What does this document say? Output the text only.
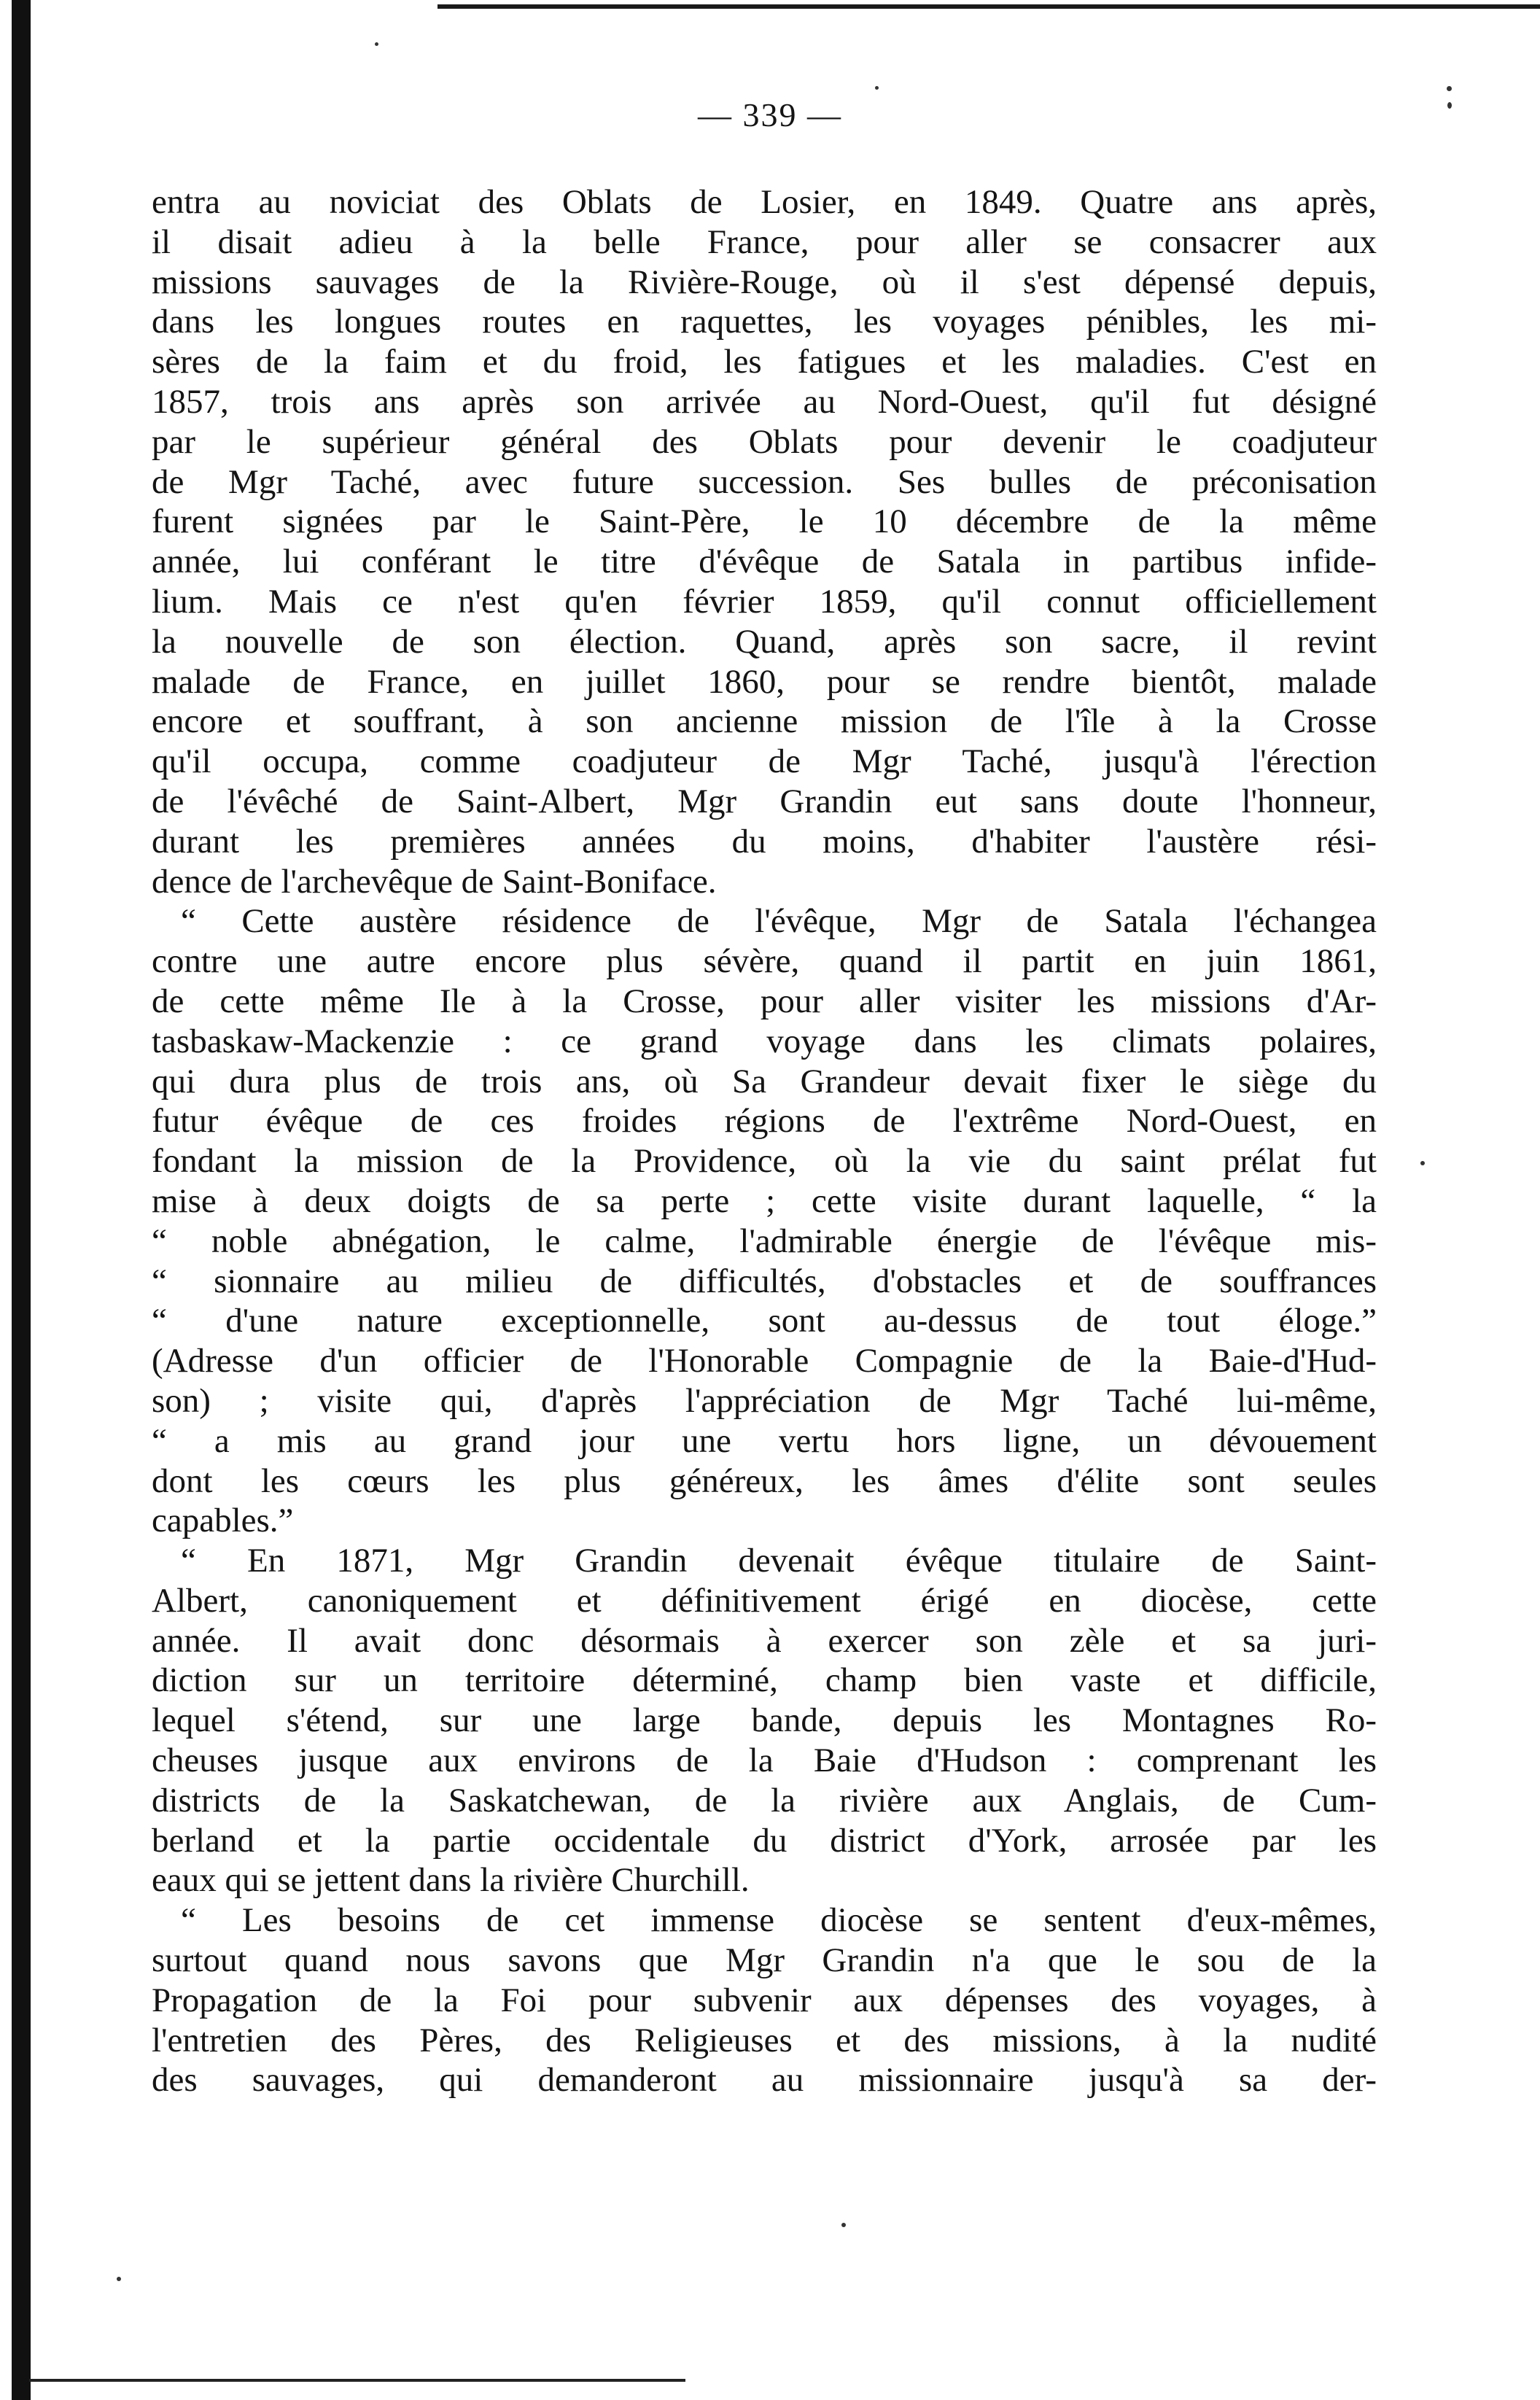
— 339 —
entra au noviciat des Oblats de Losier, en 1849. Quatre ans après,
il disait adieu à la belle France, pour aller se consacrer aux
missions sauvages de la Rivière-Rouge, où il s'est dépensé depuis,
dans les longues routes en raquettes, les voyages pénibles, les mi-
sères de la faim et du froid, les fatigues et les maladies. C'est en
1857, trois ans après son arrivée au Nord-Ouest, qu'il fut désigné
par le supérieur général des Oblats pour devenir le coadjuteur
de Mgr Taché, avec future succession. Ses bulles de préconisation
furent signées par le Saint-Père, le 10 décembre de la même
année, lui conférant le titre d'évêque de Satala in partibus infide-
lium. Mais ce n'est qu'en février 1859, qu'il connut officiellement
la nouvelle de son élection. Quand, après son sacre, il revint
malade de France, en juillet 1860, pour se rendre bientôt, malade
encore et souffrant, à son ancienne mission de l'île à la Crosse
qu'il occupa, comme coadjuteur de Mgr Taché, jusqu'à l'érection
de l'évêché de Saint-Albert, Mgr Grandin eut sans doute l'honneur,
durant les premières années du moins, d'habiter l'austère rési-
dence de l'archevêque de Saint-Boniface.
“ Cette austère résidence de l'évêque, Mgr de Satala l'échangea
contre une autre encore plus sévère, quand il partit en juin 1861,
de cette même Ile à la Crosse, pour aller visiter les missions d'Ar-
tasbaskaw-Mackenzie : ce grand voyage dans les climats polaires,
qui dura plus de trois ans, où Sa Grandeur devait fixer le siège du
futur évêque de ces froides régions de l'extrême Nord-Ouest, en
fondant la mission de la Providence, où la vie du saint prélat fut
mise à deux doigts de sa perte ; cette visite durant laquelle, “ la
“ noble abnégation, le calme, l'admirable énergie de l'évêque mis-
“ sionnaire au milieu de difficultés, d'obstacles et de souffrances
“ d'une nature exceptionnelle, sont au-dessus de tout éloge.”
(Adresse d'un officier de l'Honorable Compagnie de la Baie-d'Hud-
son) ; visite qui, d'après l'appréciation de Mgr Taché lui-même,
“ a mis au grand jour une vertu hors ligne, un dévouement
dont les cœurs les plus généreux, les âmes d'élite sont seules
capables.”
“ En 1871, Mgr Grandin devenait évêque titulaire de Saint-
Albert, canoniquement et définitivement érigé en diocèse, cette
année. Il avait donc désormais à exercer son zèle et sa juri-
diction sur un territoire déterminé, champ bien vaste et difficile,
lequel s'étend, sur une large bande, depuis les Montagnes Ro-
cheuses jusque aux environs de la Baie d'Hudson : comprenant les
districts de la Saskatchewan, de la rivière aux Anglais, de Cum-
berland et la partie occidentale du district d'York, arrosée par les
eaux qui se jettent dans la rivière Churchill.
“ Les besoins de cet immense diocèse se sentent d'eux-mêmes,
surtout quand nous savons que Mgr Grandin n'a que le sou de la
Propagation de la Foi pour subvenir aux dépenses des voyages, à
l'entretien des Pères, des Religieuses et des missions, à la nudité
des sauvages, qui demanderont au missionnaire jusqu'à sa der-
